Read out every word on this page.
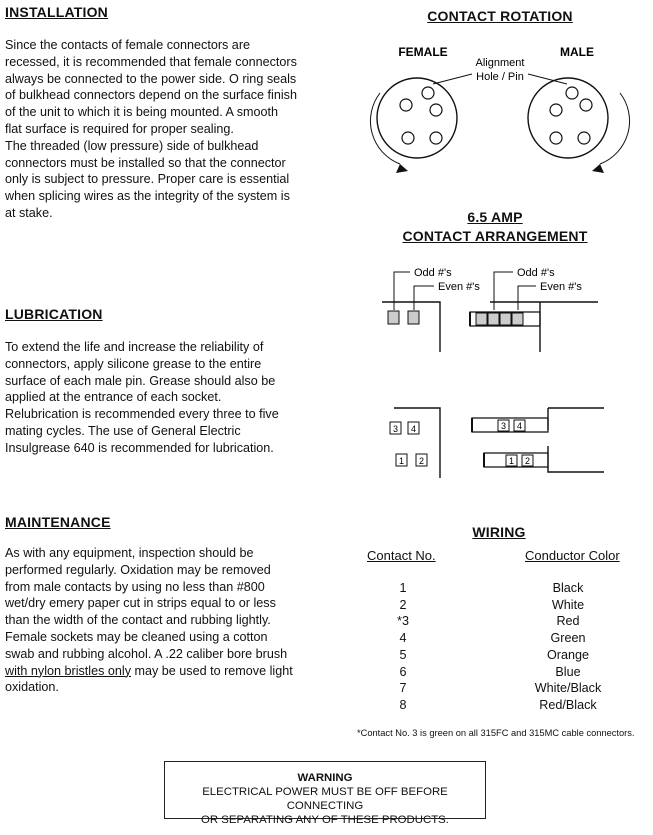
INSTALLATION

Since the contacts of female connectors are recessed, it is recommended that female connectors always be connected to the power side. O ring seals of bulkhead connectors depend on the surface finish of the unit to which it is being mounted. A smooth flat surface is required for proper sealing.

The threaded (low pressure) side of bulkhead connectors must be installed so that the connector only is subject to pressure. Proper care is essential when splicing wires as the integrity of the system is at stake.

LUBRICATION
To extend the life and increase the reliability of connectors, apply silicone grease to the entire surface of each male pin. Grease should also be applied at the entrance of each socket. Relubrication is recommended every three to five mating cycles. The use of General Electric Insulgrease 640 is recommended for lubrication.
MAINTENANCE
As with any equipment, inspection should be performed regularly. Oxidation may be removed from male contacts by using no less than #800 wet/dry emery paper cut in strips equal to or less than the width of the contact and rubbing lightly. Female sockets may be cleaned using a cotton swab and rubbing alcohol. A .22 caliber bore brush with nylon bristles only may be used to remove light oxidation.
CONTACT ROTATION
FEMALE	MALE
Alignment
Hole / Pin
6.5 AMP
CONTACT ARRANGEMENT
Odd #'s
Even #'s
Odd #'s
Even #'s
3 4
1 2
3 4
1 2
WIRING
Contact No.	Conductor Color
1	Black
2	White
*3	Red
4	Green
5	Orange
6	Blue
7	White/Black
8	Red/Black
*Contact No. 3 is green on all 315FC and 315MC cable connectors.
WARNING
ELECTRICAL POWER MUST BE OFF BEFORE CONNECTING
OR SEPARATING ANY OF THESE PRODUCTS.
